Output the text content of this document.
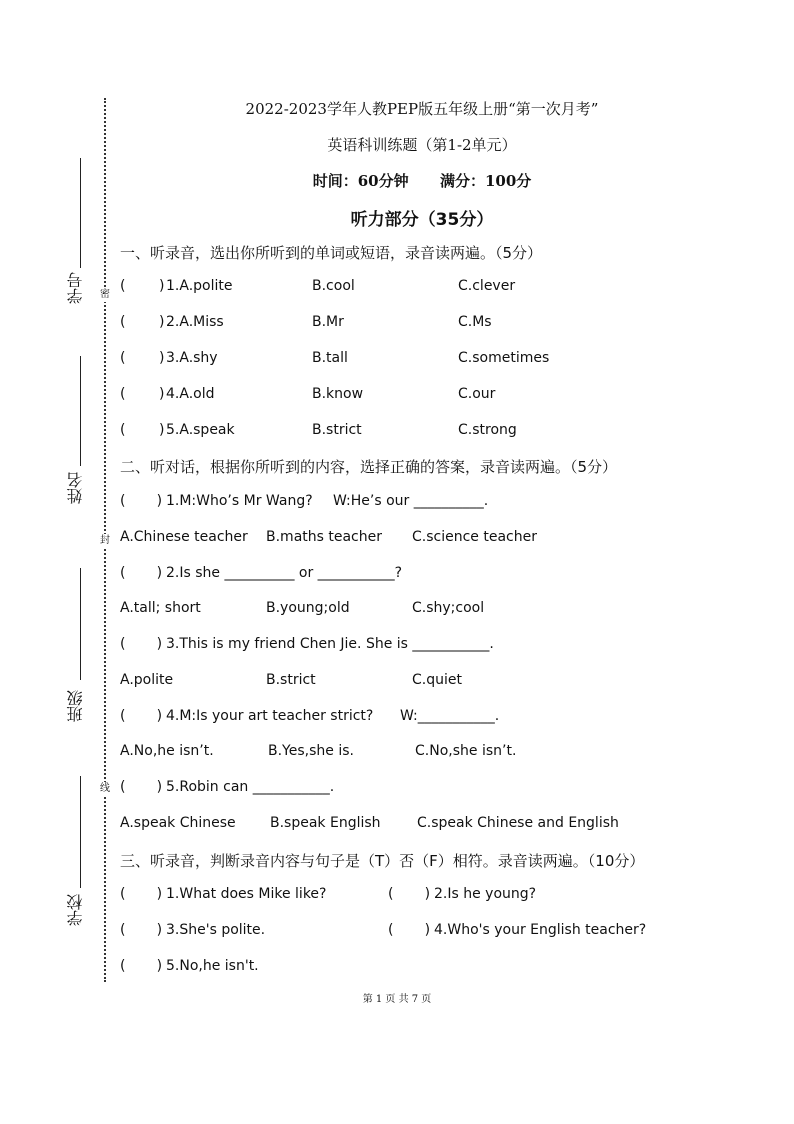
学号
姓名
班级
学校
密
封
线
2022-2023学年人教PEP版五年级上册“第一次月考”
英语科训练题（第1-2单元）
时间：60分钟      满分：100分
听力部分（35分）
一、听录音，选出你所听到的单词或短语，录音读两遍。（5分）
( ) 1.A.polite	B.cool	C.clever
( ) 2.A.Miss	B.Mr	C.Ms
( ) 3.A.shy	B.tall	C.sometimes
( ) 4.A.old	B.know	C.our
( ) 5.A.speak	B.strict	C.strong
二、听对话，根据你所听到的内容，选择正确的答案，录音读两遍。（5分）
(       ) 1.M:Who’s Mr Wang? W:He’s our __________.
A.Chinese teacher B.maths teacher C.science teacher
(       ) 2.Is she __________ or ___________?
A.tall; short	B.young;old	C.shy;cool
(       ) 3.This is my friend Chen Jie. She is ___________.
A.polite	B.strict	C.quiet
(       ) 4.M:Is your art teacher strict? W:___________.
A.No,he isn’t.	B.Yes,she is.	C.No,she isn’t.
(       ) 5.Robin can ___________.
A.speak Chinese B.speak English	C.speak Chinese and English
三、听录音，判断录音内容与句子是（T）否（F）相符。录音读两遍。（10分）
(       ) 1.What does Mike like?	(       ) 2.Is he young?
(       ) 3.She's polite.	(       ) 4.Who's your English teacher?
(       ) 5.No,he isn't.
第 1 页 共 7 页
